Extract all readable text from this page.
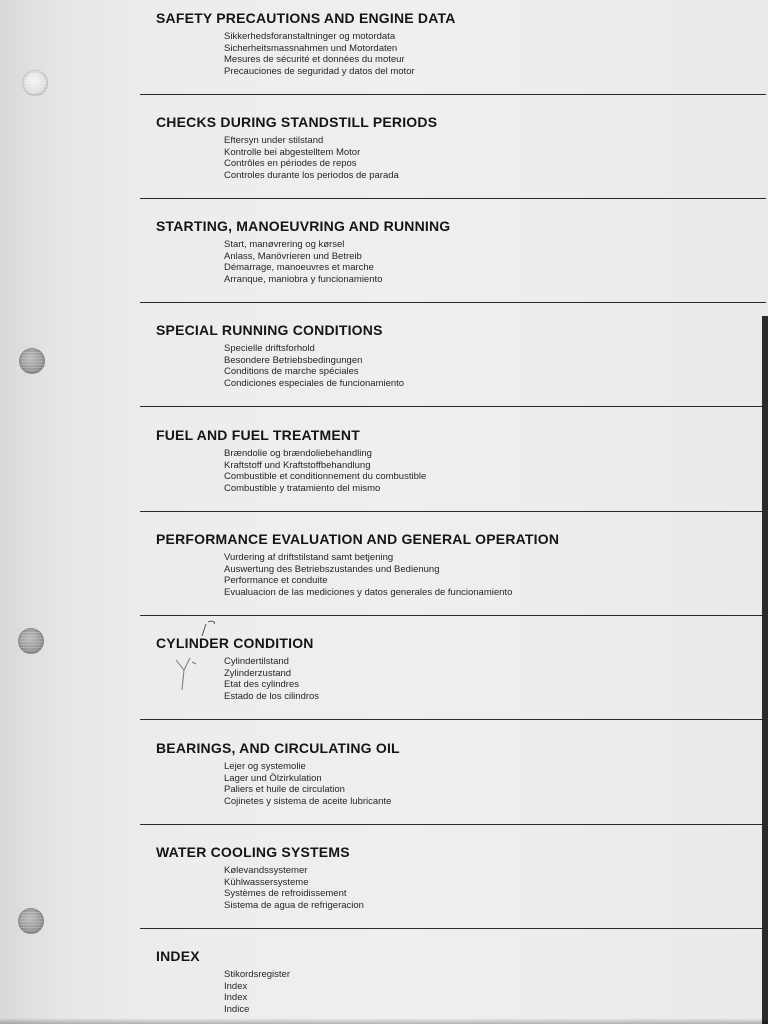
SAFETY PRECAUTIONS AND ENGINE DATA
Sikkerhedsforanstaltninger og motordata
Sicherheitsmassnahmen und Motordaten
Mesures de sécurité et données du moteur
Precauciones de seguridad y datos del motor
CHECKS DURING STANDSTILL PERIODS
Eftersyn under stilstand
Kontrolle bei abgestelltem Motor
Contrôles en périodes de repos
Controles durante los periodos de parada
STARTING, MANOEUVRING AND RUNNING
Start, manøvrering og kørsel
Anlass, Manövrieren und Betreib
Démarrage, manoeuvres et marche
Arranque, maniobra y funcionamiento
SPECIAL RUNNING CONDITIONS
Specielle driftsforhold
Besondere Betriebsbedingungen
Conditions de marche spéciales
Condiciones especiales de funcionamiento
FUEL AND FUEL TREATMENT
Brændolie og brændoliebehandling
Kraftstoff und Kraftstoffbehandlung
Combustible et conditionnement du combustible
Combustible y tratamiento del mismo
PERFORMANCE EVALUATION AND GENERAL OPERATION
Vurdering af driftstilstand samt betjening
Auswertung des Betriebszustandes und Bedienung
Performance et conduite
Evualuacion de las mediciones y datos generales de funcionamiento
CYLINDER CONDITION
Cylindertilstand
Zylinderzustand
Etat des cylindres
Estado de los cilindros
BEARINGS, AND CIRCULATING OIL
Lejer og systemolie
Lager und Ölzirkulation
Paliers et huile de circulation
Cojinetes y sistema de aceite lubricante
WATER COOLING SYSTEMS
Kølevandssystemer
Kühlwassersysteme
Systèmes de refroidissement
Sistema de agua de refrigeracion
INDEX
Stikordsregister
Index
Index
Indice
